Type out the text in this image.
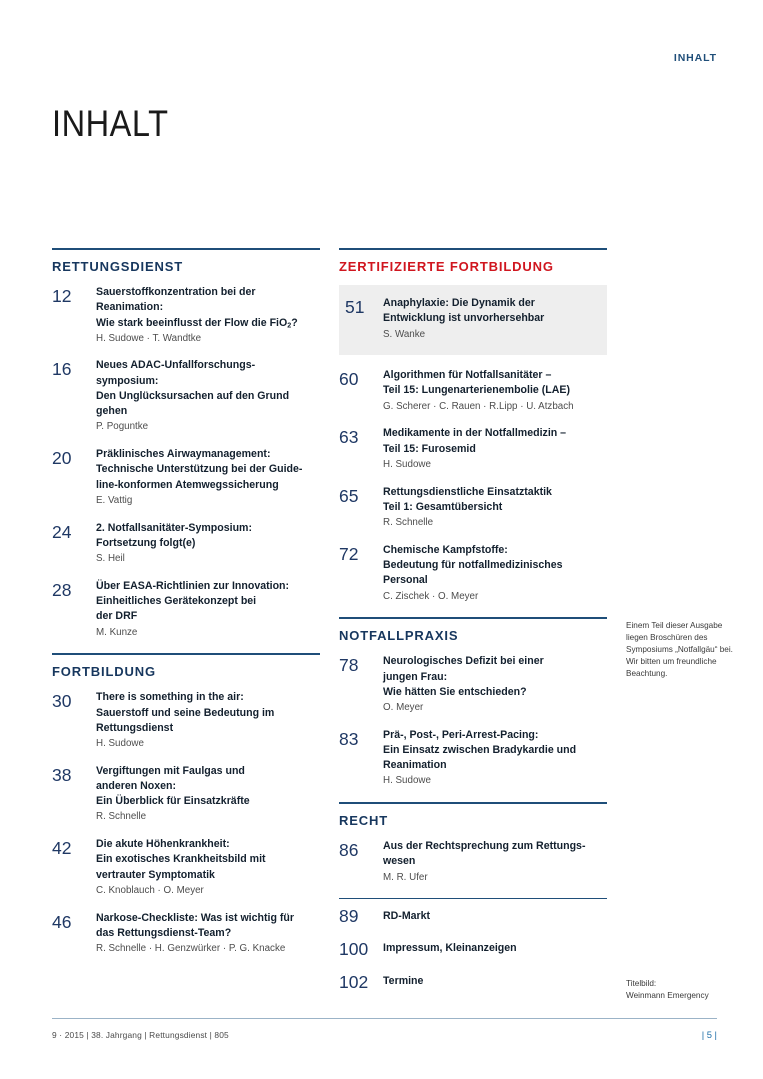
INHALT
INHALT
RETTUNGSDIENST
12	Sauerstoffkonzentration bei der
Reanimation:
Wie stark beeinflusst der Flow die FiO$_2$?
H. Sudowe · T. Wandtke
16	Neues ADAC-Unfallforschungs-
symposium:
Den Unglücksursachen auf den Grund
gehen
P. Poguntke
20	Präklinisches Airwaymanagement:
Technische Unterstützung bei der Guide-
line-konformen Atemwegssicherung
E. Vattig
24	2. Notfallsanitäter-Symposium:
Fortsetzung folgt(e)
S. Heil
28	Über EASA-Richtlinien zur Innovation:
Einheitliches Gerätekonzept bei
der DRF
M. Kunze
FORTBILDUNG
30	There is something in the air:
Sauerstoff und seine Bedeutung im
Rettungsdienst
H. Sudowe
38	Vergiftungen mit Faulgas und
anderen Noxen:
Ein Überblick für Einsatzkräfte
R. Schnelle
42	Die akute Höhenkrankheit:
Ein exotisches Krankheitsbild mit
vertrauter Symptomatik
C. Knoblauch · O. Meyer
46	Narkose-Checkliste: Was ist wichtig für
das Rettungsdienst-Team?
R. Schnelle · H. Genzwürker · P. G. Knacke
ZERTIFIZIERTE FORTBILDUNG
51	Anaphylaxie: Die Dynamik der
Entwicklung ist unvorhersehbar
S. Wanke
60	Algorithmen für Notfallsanitäter –
Teil 15: Lungenarterienembolie (LAE)
G. Scherer · C. Rauen · R.Lipp · U. Atzbach
63	Medikamente in der Notfallmedizin –
Teil 15: Furosemid
H. Sudowe
65	Rettungsdienstliche Einsatztaktik
Teil 1: Gesamtübersicht
R. Schnelle
72	Chemische Kampfstoffe:
Bedeutung für notfallmedizinisches
Personal
C. Zischek · O. Meyer
NOTFALLPRAXIS
78	Neurologisches Defizit bei einer
jungen Frau:
Wie hätten Sie entschieden?
O. Meyer
83	Prä-, Post-, Peri-Arrest-Pacing:
Ein Einsatz zwischen Bradykardie und
Reanimation
H. Sudowe
RECHT
86	Aus der Rechtsprechung zum Rettungs-
wesen
M. R. Ufer
89	RD-Markt
100	Impressum, Kleinanzeigen
102	Termine
Einem Teil dieser Ausgabe liegen Broschüren des Symposiums „Notfallgäu“ bei. Wir bitten um freundliche Beachtung.
Titelbild:
Weinmann Emergency
9 · 2015 | 38. Jahrgang | Rettungsdienst | 805	| 5 |
